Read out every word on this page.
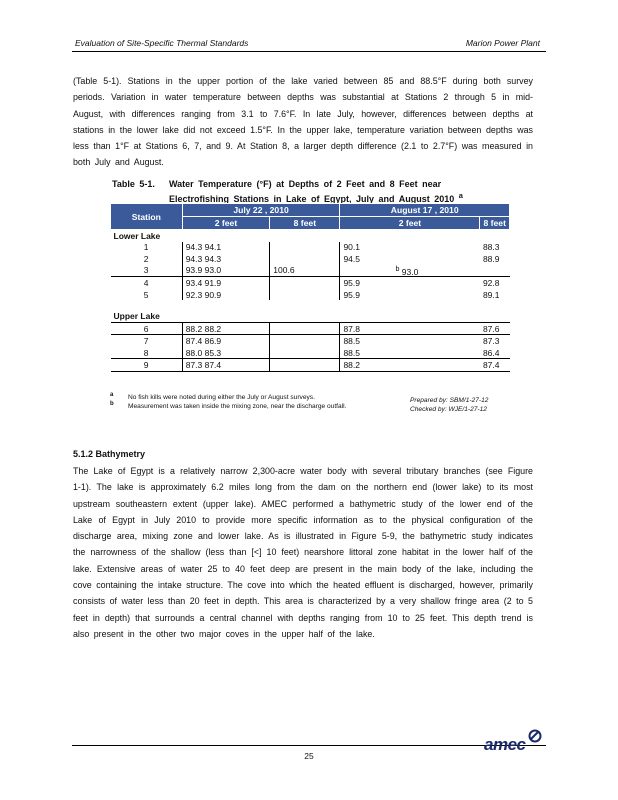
Evaluation of Site-Specific Thermal Standards	Marion Power Plant
(Table 5-1). Stations in the upper portion of the lake varied between 85 and 88.5°F during both survey periods. Variation in water temperature between depths was substantial at Stations 2 through 5 in mid-August, with differences ranging from 3.1 to 7.6°F. In late July, however, differences between depths at stations in the lower lake did not exceed 1.5°F. In the upper lake, temperature variation between depths was less than 1°F at Stations 6, 7, and 9. At Station 8, a larger depth difference (2.1 to 2.7°F) was measured in both July and August.
Table 5-1. Water Temperature (°F) at Depths of 2 Feet and 8 Feet near
Electrofishing Stations in Lake of Egypt, July and August 2010 $^a$
Station	July 22 , 2010		August 17 , 2010	
	2 feet	8 feet	2 feet	8 feet
Lower Lake				
1	94.3 94.1		90.1	88.3
2	94.3 94.3		94.5	88.9
3	93.9 93.0	100.6	$^b$ 93.0	
4	93.4 91.9		95.9	92.8
5	92.3 90.9		95.9	89.1

Upper Lake				
6	88.2 88.2		87.8	87.6
7	87.4 86.9		88.5	87.3
8	88.0 85.3		88.5	86.4
9	87.3 87.4		88.2	87.4
a No fish kills were noted during either the July or August surveys.
b Measurement was taken inside the mixing zone, near the discharge outfall.
Prepared by: SBM/1-27-12
Checked by: WJE/1-27-12
5.1.2 Bathymetry
The Lake of Egypt is a relatively narrow 2,300-acre water body with several tributary branches (see Figure 1-1). The lake is approximately 6.2 miles long from the dam on the northern end (lower lake) to its most upstream southeastern extent (upper lake). AMEC performed a bathymetric study of the lower end of the Lake of Egypt in July 2010 to provide more specific information as to the physical configuration of the discharge area, mixing zone and lower lake. As is illustrated in Figure 5-9, the bathymetric study indicates the narrowness of the shallow (less than [<] 10 feet) nearshore littoral zone habitat in the lower half of the lake. Extensive areas of water 25 to 40 feet deep are present in the main body of the lake, including the cove containing the intake structure. The cove into which the heated effluent is discharged, however, primarily consists of water less than 20 feet in depth. This area is characterized by a very shallow fringe area (2 to 5 feet in depth) that surrounds a central channel with depths ranging from 10 to 25 feet. This depth trend is also present in the other two major coves in the upper half of the lake.
25
amec
